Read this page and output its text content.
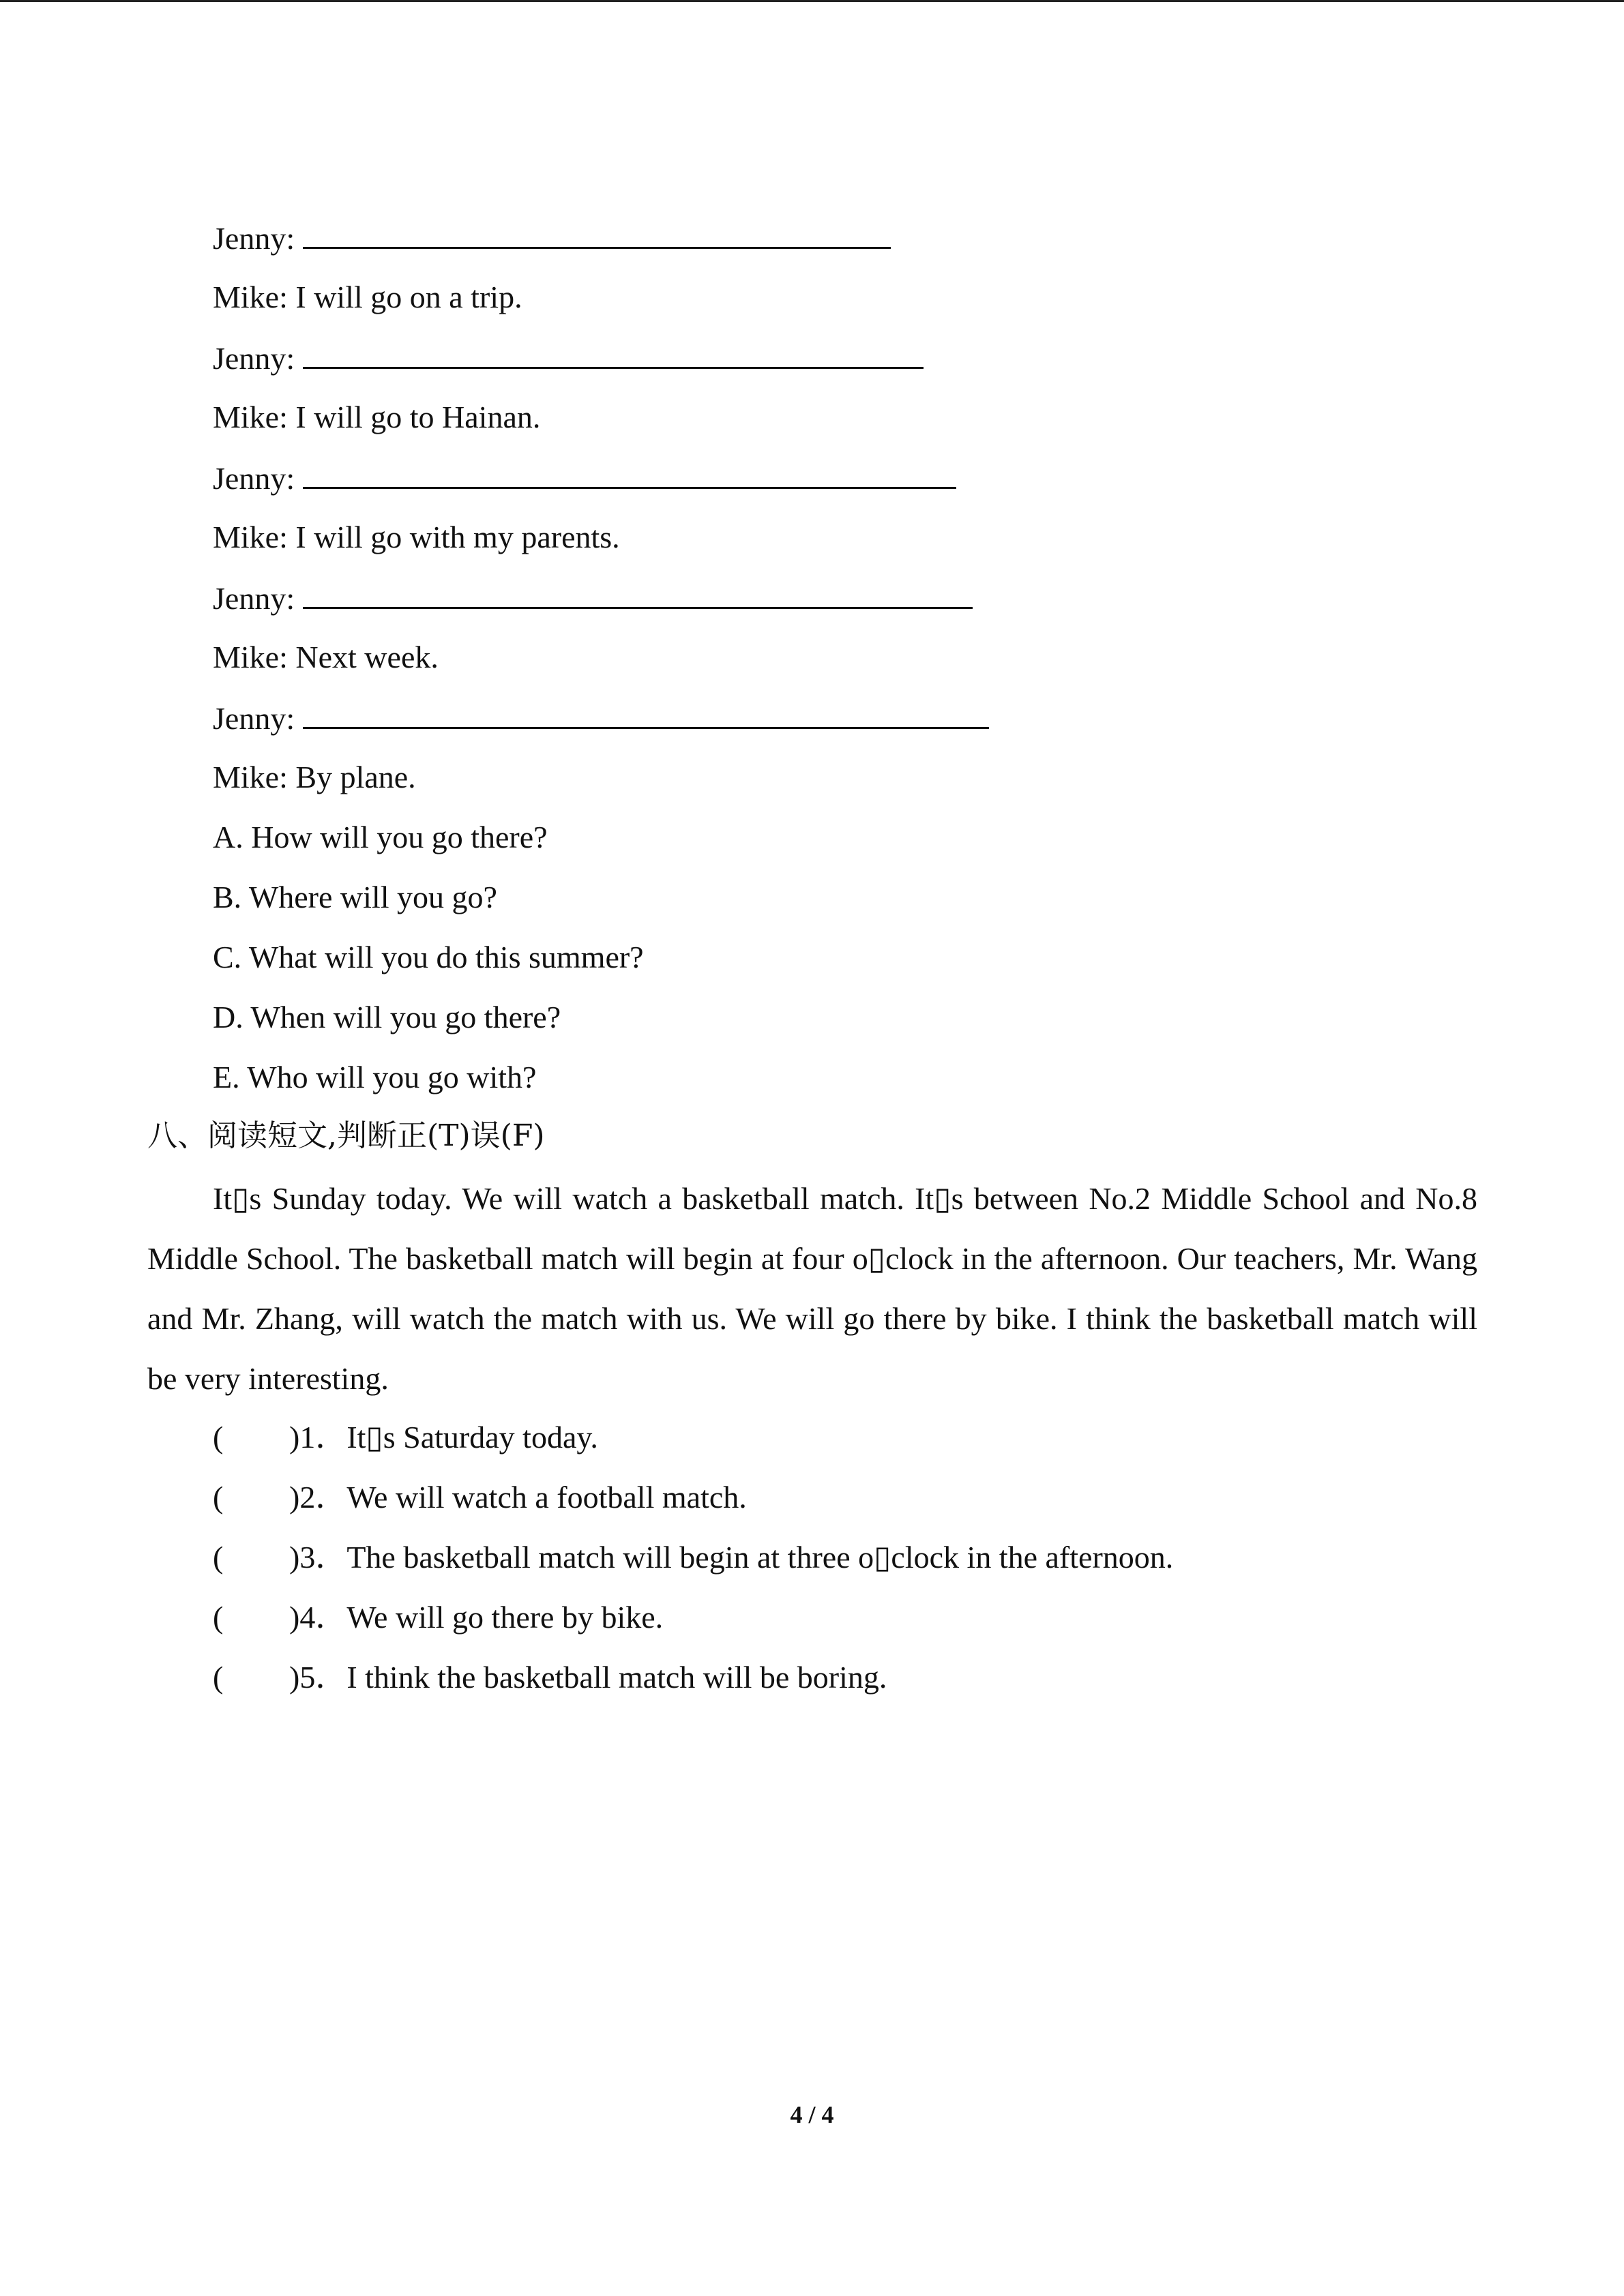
Jenny:
Mike: I will go on a trip.
Jenny:
Mike: I will go to Hainan.
Jenny:
Mike: I will go with my parents.
Jenny:
Mike: Next week.
Jenny:
Mike: By plane.
A. How will you go there?
B. Where will you go?
C. What will you do this summer?
D. When will you go there?
E. Who will you go with?
八、阅读短文,判断正(T)误(F)

It▯s Sunday today. We will watch a basketball match. It▯s between No.2 Middle School and No.8 Middle School. The basketball match will begin at four o▯clock in the afternoon. Our teachers, Mr. Wang and Mr. Zhang, will watch the match with us. We will go there by bike. I think the basketball match will be very interesting.

( )1．It▯s Saturday today.
( )2．We will watch a football match.
( )3．The basketball match will begin at three o▯clock in the afternoon.
( )4．We will go there by bike.
( )5．I think the basketball match will be boring.
4 / 4
